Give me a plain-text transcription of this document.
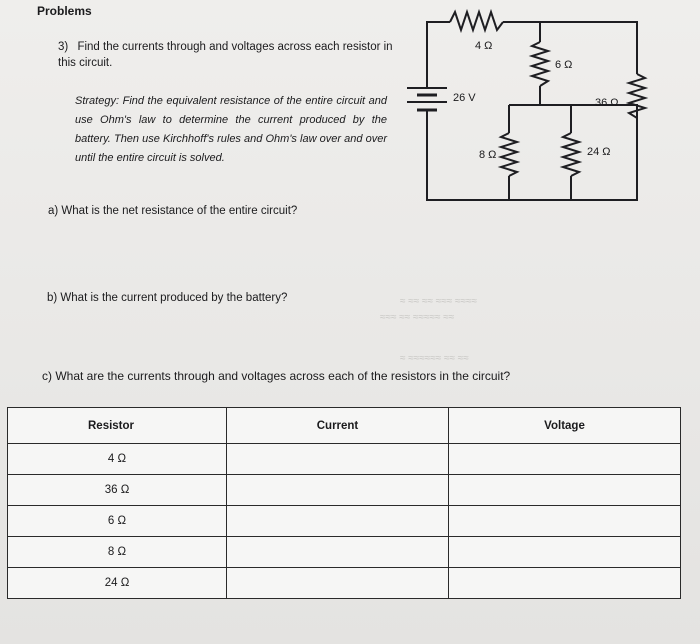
Problems
3) Find the currents through and voltages across each resistor in this circuit.
Strategy: Find the equivalent resistance of the entire circuit and use Ohm's law to determine the current produced by the battery. Then use Kirchhoff's rules and Ohm's law over and over until the entire circuit is solved.
a) What is the net resistance of the entire circuit?
b) What is the current produced by the battery?
c) What are the currents through and voltages across each of the resistors in the circuit?
≈ ≈≈ ≈≈ ≈≈≈ ≈≈≈≈
≈≈≈ ≈≈ ≈≈≈≈≈ ≈≈
≈ ≈≈≈≈≈≈ ≈≈ ≈≈
26 V
4 Ω
6 Ω
36 Ω
8 Ω	24 Ω
Resistor	Current	Voltage
4 Ω		
36 Ω		
6 Ω		
8 Ω		
24 Ω		
